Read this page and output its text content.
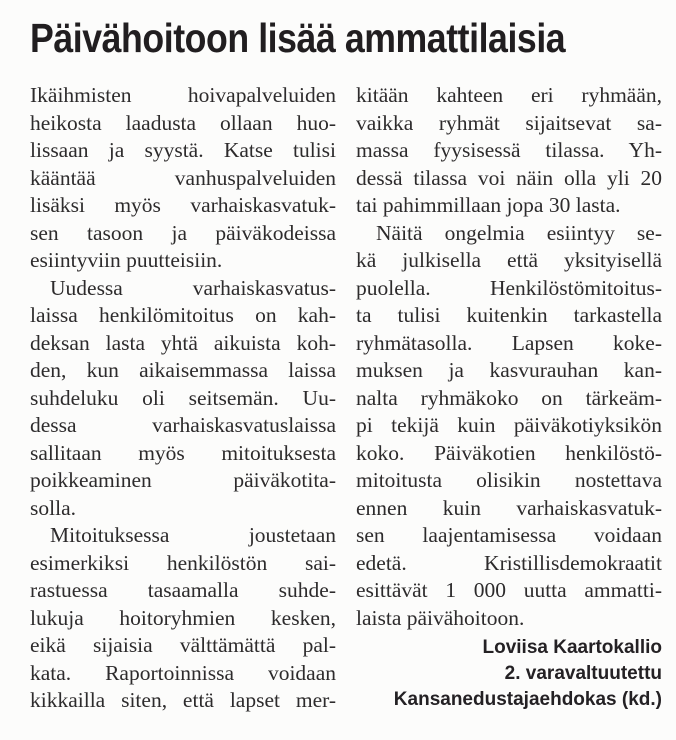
Päivähoitoon lisää ammattilaisia
Ikäihmisten hoivapalveluiden
heikosta laadusta ollaan huo-
lissaan ja syystä. Katse tulisi
kääntää vanhuspalveluiden
lisäksi myös varhaiskasvatuk-
sen tasoon ja päiväkodeissa
esiintyviin puutteisiin.
Uudessa varhaiskasvatus-
laissa henkilömitoitus on kah-
deksan lasta yhtä aikuista koh-
den, kun aikaisemmassa laissa
suhdeluku oli seitsemän. Uu-
dessa varhaiskasvatuslaissa
sallitaan myös mitoituksesta
poikkeaminen päiväkotita-
solla.
Mitoituksessa joustetaan
esimerkiksi henkilöstön sai-
rastuessa tasaamalla suhde-
lukuja hoitoryhmien kesken,
eikä sijaisia välttämättä pal-
kata. Raportoinnissa voidaan
kikkailla siten, että lapset mer-
kitään kahteen eri ryhmään,
vaikka ryhmät sijaitsevat sa-
massa fyysisessä tilassa. Yh-
dessä tilassa voi näin olla yli 20
tai pahimmillaan jopa 30 lasta.
Näitä ongelmia esiintyy se-
kä julkisella että yksityisellä
puolella. Henkilöstömitoitus-
ta tulisi kuitenkin tarkastella
ryhmätasolla. Lapsen koke-
muksen ja kasvurauhan kan-
nalta ryhmäkoko on tärkeäm-
pi tekijä kuin päiväkotiyksikön
koko. Päiväkotien henkilöstö-
mitoitusta olisikin nostettava
ennen kuin varhaiskasvatuk-
sen laajentamisessa voidaan
edetä. Kristillisdemokraatit
esittävät 1 000 uutta ammatti-
laista päivähoitoon.
Loviisa Kaartokallio
2. varavaltuutettu
Kansanedustajaehdokas (kd.)
